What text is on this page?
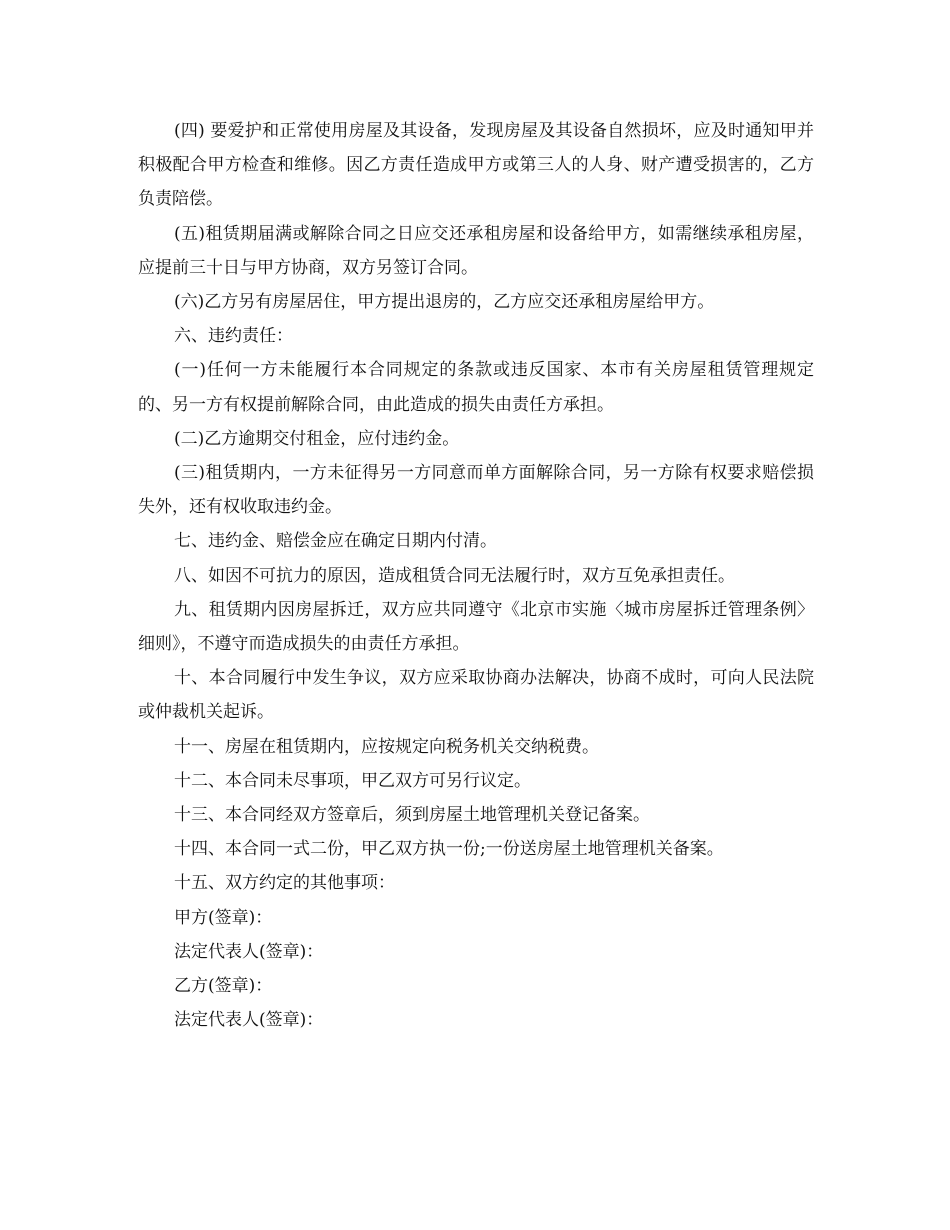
(四) 要爱护和正常使用房屋及其设备，发现房屋及其设备自然损坏，应及时通知甲并积极配合甲方检查和维修。因乙方责任造成甲方或第三人的人身、财产遭受损害的，乙方负责陪偿。

(五)租赁期届满或解除合同之日应交还承租房屋和设备给甲方，如需继续承租房屋，应提前三十日与甲方协商，双方另签订合同。

(六)乙方另有房屋居住，甲方提出退房的，乙方应交还承租房屋给甲方。

六、违约责任：

(一)任何一方未能履行本合同规定的条款或违反国家、本市有关房屋租赁管理规定的、另一方有权提前解除合同，由此造成的损失由责任方承担。

(二)乙方逾期交付租金，应付违约金。

(三)租赁期内，一方未征得另一方同意而单方面解除合同，另一方除有权要求赔偿损失外，还有权收取违约金。

七、违约金、赔偿金应在确定日期内付清。

八、如因不可抗力的原因，造成租赁合同无法履行时，双方互免承担责任。

九、租赁期内因房屋拆迁，双方应共同遵守《北京市实施〈城市房屋拆迁管理条例〉细则》，不遵守而造成损失的由责任方承担。

十、本合同履行中发生争议，双方应采取协商办法解决，协商不成时，可向人民法院或仲裁机关起诉。

十一、房屋在租赁期内，应按规定向税务机关交纳税费。

十二、本合同未尽事项，甲乙双方可另行议定。

十三、本合同经双方签章后，须到房屋土地管理机关登记备案。

十四、本合同一式二份，甲乙双方执一份;一份送房屋土地管理机关备案。

十五、双方约定的其他事项：

甲方(签章)：

法定代表人(签章)：

乙方(签章)：

法定代表人(签章)：
